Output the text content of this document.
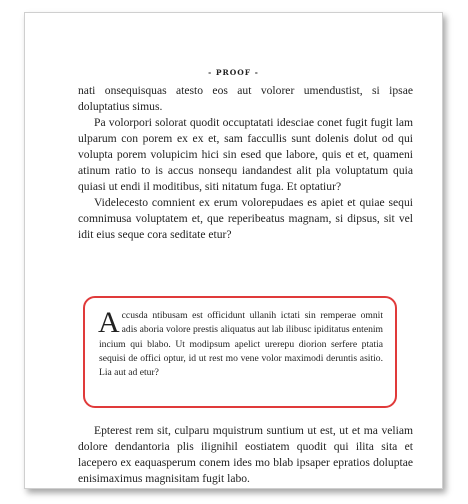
- PROOF -

nati onsequisquas atesto eos aut volorer umendustist, si ipsae doluptatius simus.

Pa volorpori solorat quodit occuptatati idesciae conet fugit fugit lam ulparum con porem ex ex et, sam faccullis sunt dolenis dolut od qui volupta porem volupicim hici sin esed que labore, quis et et, quameni atinum ratio to is accus nonsequ iandandest alit pla voluptatum quia quiasi ut endi il moditibus, siti nitatum fuga. Et optatiur?

Videlecesto comnient ex erum volorepudaes es apiet et quiae sequi comnimusa voluptatem et, que reperibeatus magnam, si dipsus, sit vel idit eius seque cora seditate etur?

Accusda ntibusam est officidunt ullanih ictati sin remperae omnit adis aboria volore prestis aliquatus aut lab ilibusc ipiditatus entenim incium qui blabo. Ut modipsum apelict urerepu diorion serfere ptatia sequisi de offici optur, id ut rest mo vene volor maximodi deruntis asitio. Lia aut ad etur?

Epterest rem sit, culparu mquistrum suntium ut est, ut et ma veliam dolore dendantoria plis ilignihil eostiatem quodit qui ilita sita et lacepero ex eaquasperum conem ides mo blab ipsaper epratios doluptae enisimaximus magnisitam fugit labo.
